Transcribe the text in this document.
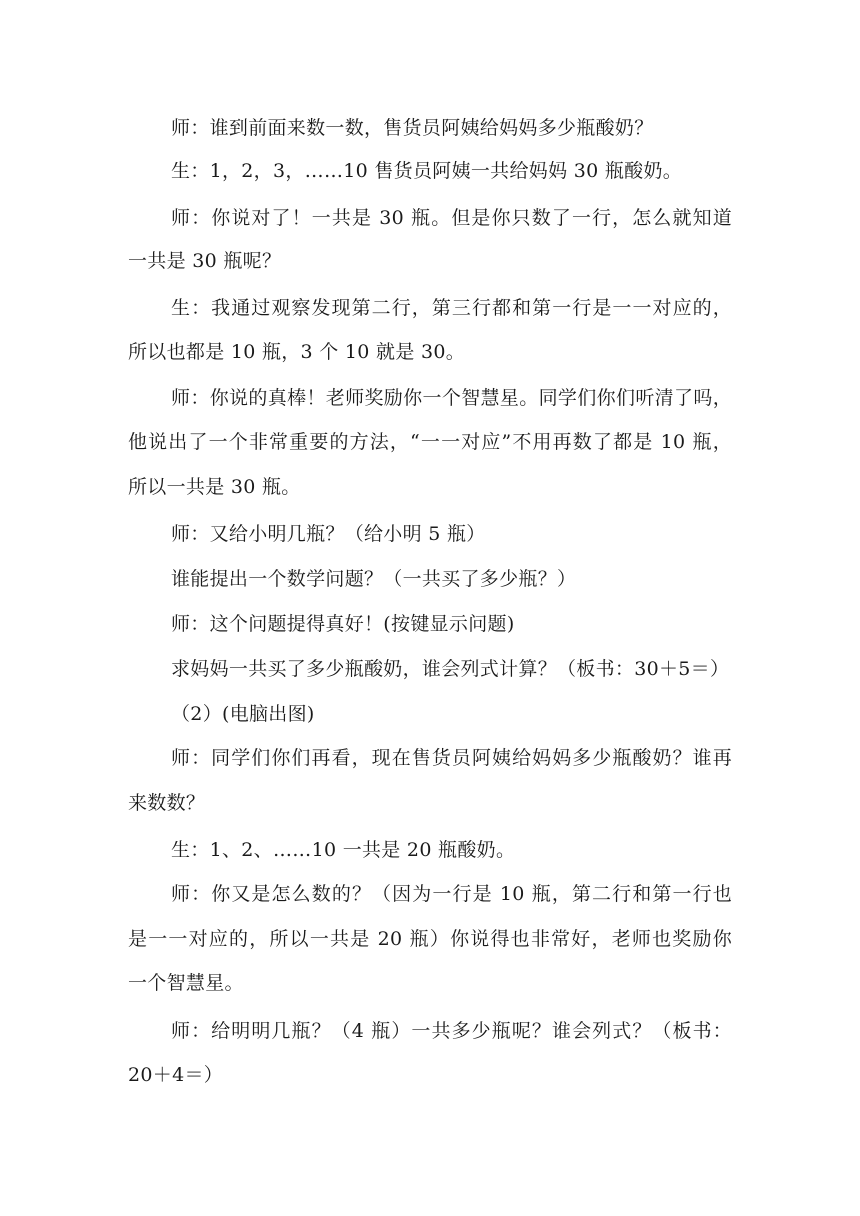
师：谁到前面来数一数，售货员阿姨给妈妈多少瓶酸奶？
生：1，2，3，……10 售货员阿姨一共给妈妈 30 瓶酸奶。
师：你说对了！一共是 30 瓶。但是你只数了一行，怎么就知道
一共是 30 瓶呢？
生：我通过观察发现第二行，第三行都和第一行是一一对应的，
所以也都是 10 瓶，3 个 10 就是 30。
师：你说的真棒！老师奖励你一个智慧星。同学们你们听清了吗，
他说出了一个非常重要的方法，“一一对应”不用再数了都是 10 瓶，
所以一共是 30 瓶。
师：又给小明几瓶？（给小明 5 瓶）
谁能提出一个数学问题？（一共买了多少瓶？）
师：这个问题提得真好！(按键显示问题)
求妈妈一共买了多少瓶酸奶，谁会列式计算？（板书：30＋5＝）
（2）(电脑出图)
师：同学们你们再看，现在售货员阿姨给妈妈多少瓶酸奶？谁再
来数数？
生：1、2、……10 一共是 20 瓶酸奶。
师：你又是怎么数的？（因为一行是 10 瓶，第二行和第一行也
是一一对应的，所以一共是 20 瓶）你说得也非常好，老师也奖励你
一个智慧星。
师：给明明几瓶？（4 瓶）一共多少瓶呢？谁会列式？（板书：
20＋4＝）
